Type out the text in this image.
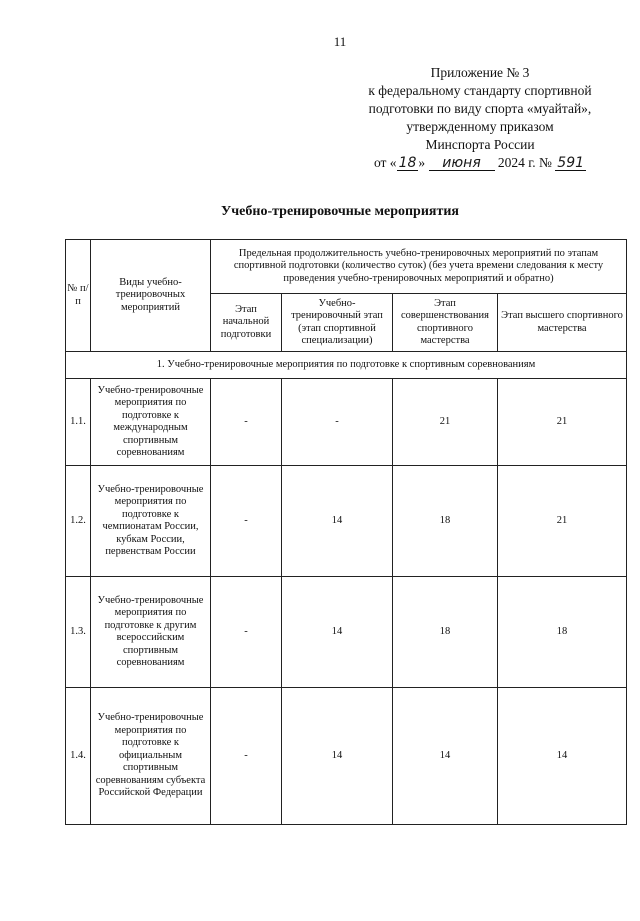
11
Приложение № 3
к федеральному стандарту спортивной
подготовки по виду спорта «муайтай»,
утвержденному приказом
Минспорта России
от « 18 » июня 2024 г. № 591
Учебно-тренировочные мероприятия
№ п/п	Виды учебно-тренировочных мероприятий	Предельная продолжительность учебно-тренировочных мероприятий по этапам спортивной подготовки (количество суток) (без учета времени следования к месту проведения учебно-тренировочных мероприятий и обратно)			
		Этап начальной подготовки	Учебно-тренировочный этап (этап спортивной специализации)	Этап совершенствования спортивного мастерства	Этап высшего спортивного мастерства
1. Учебно-тренировочные мероприятия по подготовке к спортивным соревнованиям					
1.1.	Учебно-тренировочные мероприятия по подготовке к международным спортивным соревнованиям	-	-	21	21
1.2.	Учебно-тренировочные мероприятия по подготовке к чемпионатам России, кубкам России, первенствам России	-	14	18	21
1.3.	Учебно-тренировочные мероприятия по подготовке к другим всероссийским спортивным соревнованиям	-	14	18	18
1.4.	Учебно-тренировочные мероприятия по подготовке к официальным спортивным соревнованиям субъекта Российской Федерации	-	14	14	14
